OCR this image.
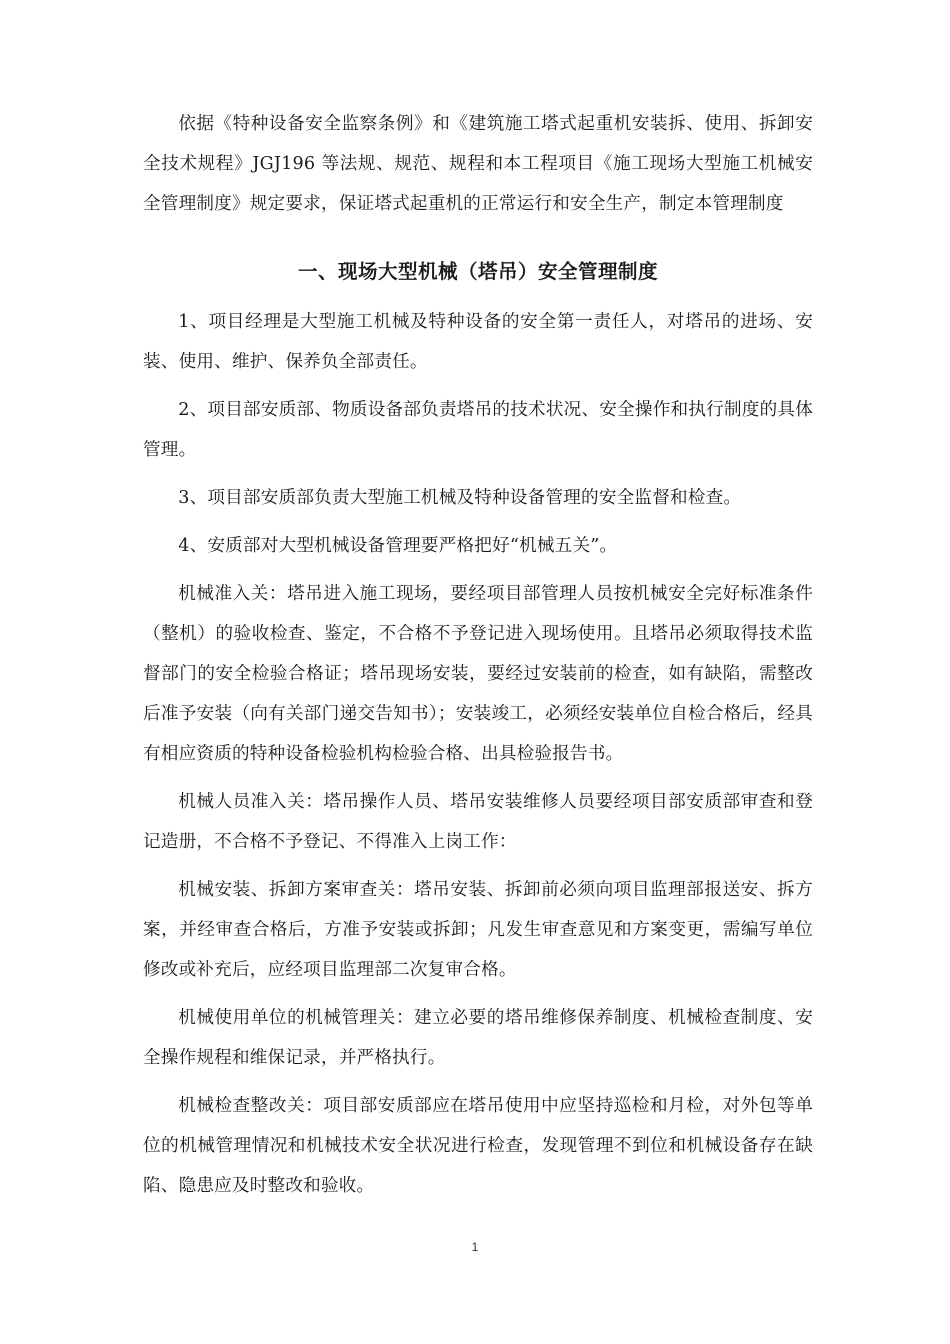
依据《特种设备安全监察条例》和《建筑施工塔式起重机安装拆、使用、拆卸安全技术规程》JGJ196 等法规、规范、规程和本工程项目《施工现场大型施工机械安全管理制度》规定要求，保证塔式起重机的正常运行和安全生产，制定本管理制度

一、现场大型机械（塔吊）安全管理制度

1、项目经理是大型施工机械及特种设备的安全第一责任人，对塔吊的进场、安装、使用、维护、保养负全部责任。

2、项目部安质部、物质设备部负责塔吊的技术状况、安全操作和执行制度的具体管理。

3、项目部安质部负责大型施工机械及特种设备管理的安全监督和检查。

4、安质部对大型机械设备管理要严格把好“机械五关”。

机械准入关：塔吊进入施工现场，要经项目部管理人员按机械安全完好标准条件（整机）的验收检查、鉴定，不合格不予登记进入现场使用。且塔吊必须取得技术监督部门的安全检验合格证；塔吊现场安装，要经过安装前的检查，如有缺陷，需整改后准予安装（向有关部门递交告知书）；安装竣工，必须经安装单位自检合格后，经具有相应资质的特种设备检验机构检验合格、出具检验报告书。

机械人员准入关：塔吊操作人员、塔吊安装维修人员要经项目部安质部审查和登记造册，不合格不予登记、不得准入上岗工作：

机械安装、拆卸方案审查关：塔吊安装、拆卸前必须向项目监理部报送安、拆方案，并经审查合格后，方准予安装或拆卸；凡发生审查意见和方案变更，需编写单位修改或补充后，应经项目监理部二次复审合格。

机械使用单位的机械管理关：建立必要的塔吊维修保养制度、机械检查制度、安全操作规程和维保记录，并严格执行。

机械检查整改关：项目部安质部应在塔吊使用中应坚持巡检和月检，对外包等单位的机械管理情况和机械技术安全状况进行检查，发现管理不到位和机械设备存在缺陷、隐患应及时整改和验收。

1
